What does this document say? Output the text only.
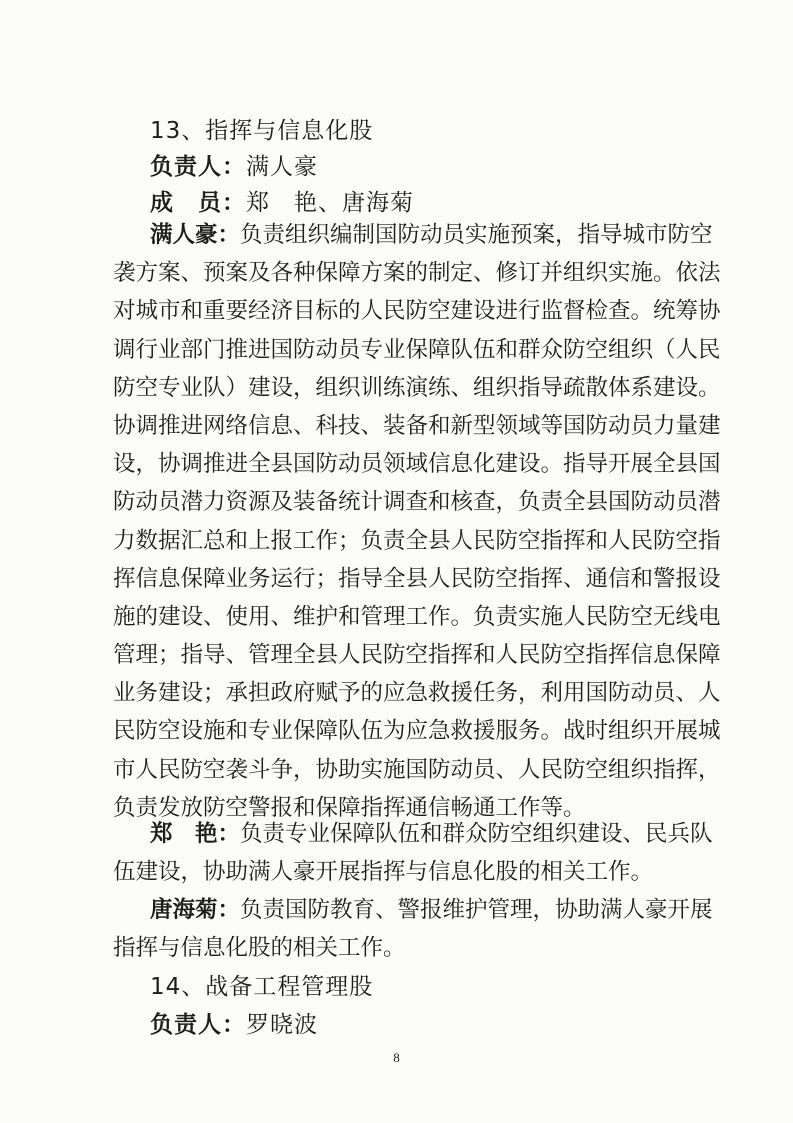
13、指挥与信息化股
负责人：满人豪
成　员：郑　艳、唐海菊
满人豪：负责组织编制国防动员实施预案，指导城市防空
袭方案、预案及各种保障方案的制定、修订并组织实施。依法
对城市和重要经济目标的人民防空建设进行监督检查。统筹协
调行业部门推进国防动员专业保障队伍和群众防空组织（人民
防空专业队）建设，组织训练演练、组织指导疏散体系建设。
协调推进网络信息、科技、装备和新型领域等国防动员力量建
设，协调推进全县国防动员领域信息化建设。指导开展全县国
防动员潜力资源及装备统计调查和核查，负责全县国防动员潜
力数据汇总和上报工作；负责全县人民防空指挥和人民防空指
挥信息保障业务运行；指导全县人民防空指挥、通信和警报设
施的建设、使用、维护和管理工作。负责实施人民防空无线电
管理；指导、管理全县人民防空指挥和人民防空指挥信息保障
业务建设；承担政府赋予的应急救援任务，利用国防动员、人
民防空设施和专业保障队伍为应急救援服务。战时组织开展城
市人民防空袭斗争，协助实施国防动员、人民防空组织指挥，
负责发放防空警报和保障指挥通信畅通工作等。
郑　艳：负责专业保障队伍和群众防空组织建设、民兵队
伍建设，协助满人豪开展指挥与信息化股的相关工作。
唐海菊：负责国防教育、警报维护管理，协助满人豪开展
指挥与信息化股的相关工作。
14、战备工程管理股
负责人：罗晓波
8
